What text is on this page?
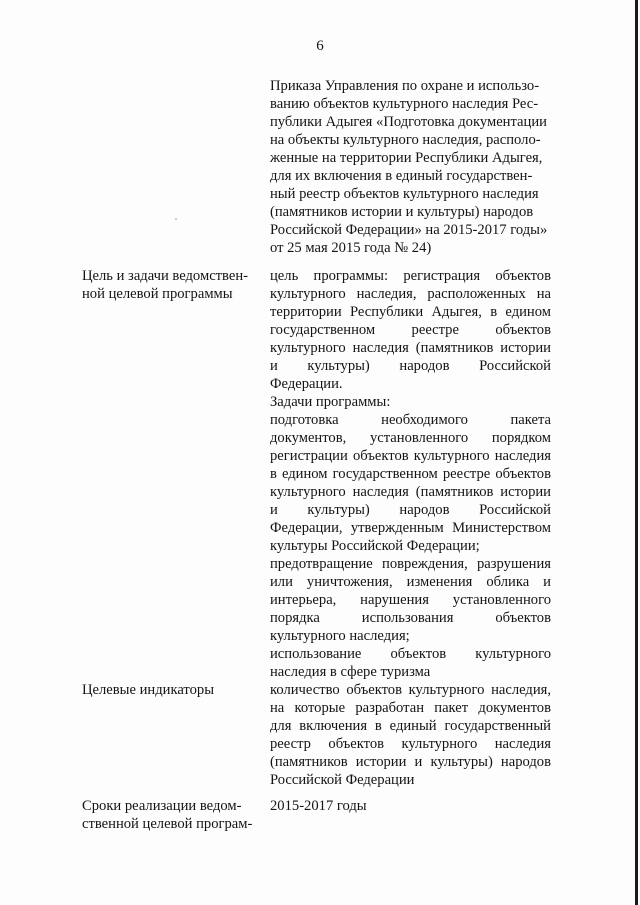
6
Приказа Управления по охране и использо-
ванию объектов культурного наследия Рес-
публики Адыгея «Подготовка документации
на объекты культурного наследия, располо-
женные на территории Республики Адыгея,
для их включения в единый государствен-
ный реестр объектов культурного наследия
(памятников истории и культуры) народов
Российской Федерации» на 2015-2017 годы»
от 25 мая 2015 года № 24)
Цель и задачи ведомствен-
ной целевой программы
цель программы: регистрация объектов
культурного наследия, расположенных на
территории Республики Адыгея, в едином
государственном реестре объектов
культурного наследия (памятников истории
и культуры) народов Российской
Федерации.
Задачи программы:
подготовка необходимого пакета
документов, установленного порядком
регистрации объектов культурного наследия
в едином государственном реестре объектов
культурного наследия (памятников истории
и культуры) народов Российской
Федерации, утвержденным Министерством
культуры Российской Федерации;
предотвращение повреждения, разрушения
или уничтожения, изменения облика и
интерьера, нарушения установленного
порядка использования объектов
культурного наследия;
использование объектов культурного
наследия в сфере туризма
Целевые индикаторы	количество объектов культурного наследия,
на которые разработан пакет документов
для включения в единый государственный
реестр объектов культурного наследия
(памятников истории и культуры) народов
Российской Федерации
Сроки реализации ведом-
ственной целевой програм-
2015-2017 годы
